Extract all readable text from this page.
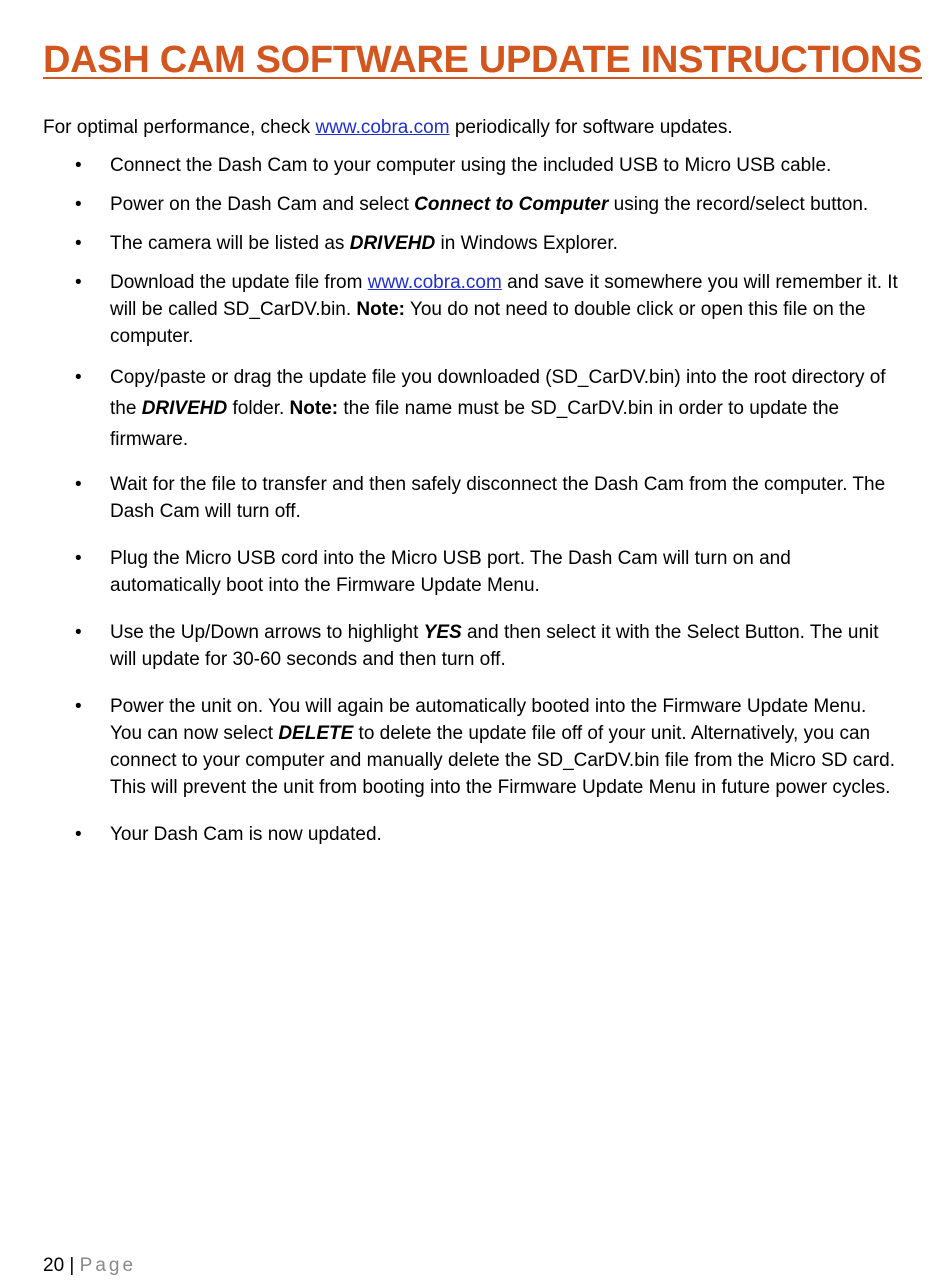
DASH CAM SOFTWARE UPDATE INSTRUCTIONS

For optimal performance, check www.cobra.com periodically for software updates.

• Connect the Dash Cam to your computer using the included USB to Micro USB cable.
• Power on the Dash Cam and select Connect to Computer using the record/select button.
• The camera will be listed as DRIVEHD in Windows Explorer.
• Download the update file from www.cobra.com and save it somewhere you will remember it. It will be called SD_CarDV.bin. Note: You do not need to double click or open this file on the computer.
• Copy/paste or drag the update file you downloaded (SD_CarDV.bin) into the root directory of the DRIVEHD folder. Note: the file name must be SD_CarDV.bin in order to update the firmware.
• Wait for the file to transfer and then safely disconnect the Dash Cam from the computer. The Dash Cam will turn off.
• Plug the Micro USB cord into the Micro USB port. The Dash Cam will turn on and automatically boot into the Firmware Update Menu.
• Use the Up/Down arrows to highlight YES and then select it with the Select Button. The unit will update for 30-60 seconds and then turn off.
• Power the unit on. You will again be automatically booted into the Firmware Update Menu. You can now select DELETE to delete the update file off of your unit. Alternatively, you can connect to your computer and manually delete the SD_CarDV.bin file from the Micro SD card. This will prevent the unit from booting into the Firmware Update Menu in future power cycles.
• Your Dash Cam is now updated.
20 | Page
